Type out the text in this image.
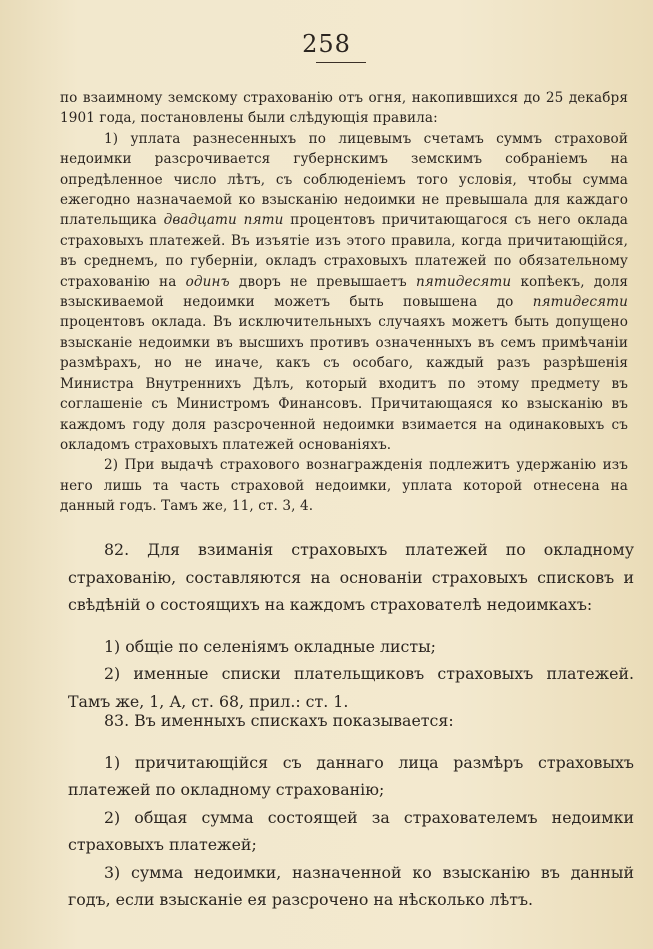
258

по взаимному земскому страхованію отъ огня, накопившихся до 25 декабря 1901 года, постановлены были слѣдующія правила:

1) уплата разнесенныхъ по лицевымъ счетамъ суммъ страховой недоимки разсрочивается губернскимъ земскимъ собраніемъ на опредѣленное число лѣтъ, съ соблюденіемъ того условія, чтобы сумма ежегодно назначаемой ко взысканію недоимки не превышала для каждаго плательщика двадцати пяти процентовъ причитающагося съ него оклада страховыхъ платежей. Въ изъятіе изъ этого правила, когда причитающійся, въ среднемъ, по губерніи, окладъ страховыхъ платежей по обязательному страхованію на одинъ дворъ не превышаетъ пятидесяти копѣекъ, доля взыскиваемой недоимки можетъ быть повышена до пятидесяти процентовъ оклада. Въ исключительныхъ случаяхъ можетъ быть допущено взысканіе недоимки въ высшихъ противъ означенныхъ въ семъ примѣчаніи размѣрахъ, но не иначе, какъ съ особаго, каждый разъ разрѣшенія Министра Внутреннихъ Дѣлъ, который входитъ по этому предмету въ соглашеніе съ Министромъ Финансовъ. Причитающаяся ко взысканію въ каждомъ году доля разсроченной недоимки взимается на одинаковыхъ съ окладомъ страховыхъ платежей основаніяхъ.

2) При выдачѣ страхового вознагражденія подлежитъ удержанію изъ него лишь та часть страховой недоимки, уплата которой отнесена на данный годъ. Тамъ же, 11, ст. 3, 4.

82. Для взиманія страховыхъ платежей по окладному страхованію, составляются на основаніи страховыхъ списковъ и свѣдѣній о состоящихъ на каждомъ страхователѣ недоимкахъ:

1) общіе по селеніямъ окладные листы;

2) именные списки плательщиковъ страховыхъ платежей. Тамъ же, 1, А, ст. 68, прил.: ст. 1.

83. Въ именныхъ спискахъ показывается:

1) причитающійся съ даннаго лица размѣръ страховыхъ платежей по окладному страхованію;

2) общая сумма состоящей за страхователемъ недоимки страховыхъ платежей;

3) сумма недоимки, назначенной ко взысканію въ данный годъ, если взысканіе ея разсрочено на нѣсколько лѣтъ.
